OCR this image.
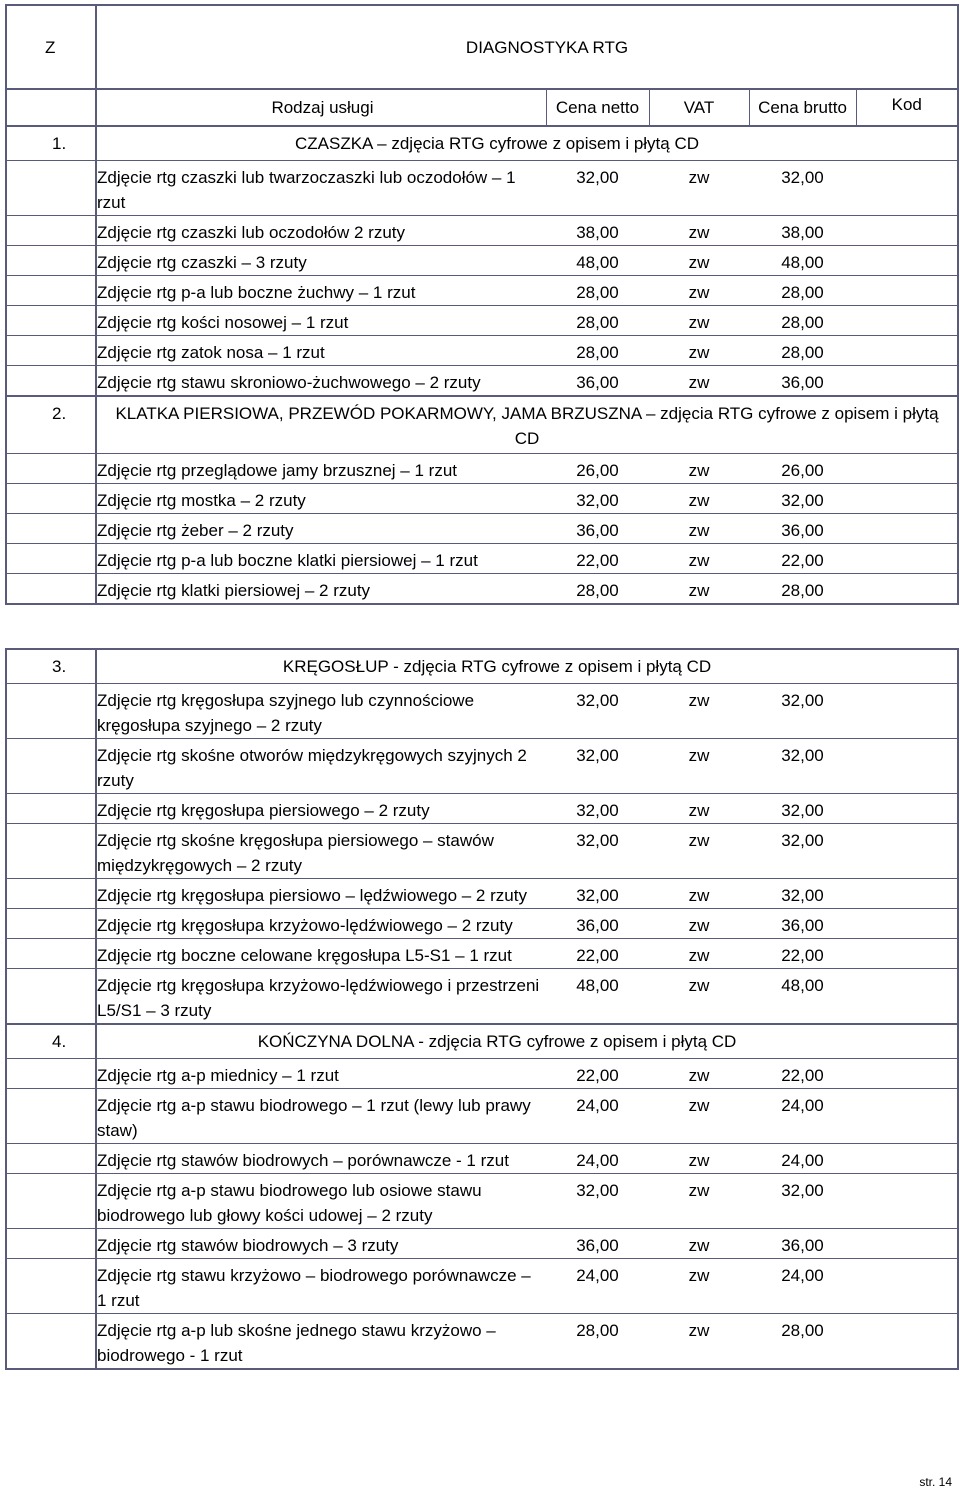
Z	DIAGNOSTYKA RTG				
	Rodzaj usługi	Cena netto	VAT	Cena brutto	Kod
1.	CZASZKA – zdjęcia RTG cyfrowe z opisem i płytą CD				
	Zdjęcie rtg czaszki lub twarzoczaszki lub oczodołów – 1 rzut	32,00	zw	32,00	
	Zdjęcie rtg czaszki lub oczodołów 2 rzuty	38,00	zw	38,00	
	Zdjęcie rtg czaszki – 3 rzuty	48,00	zw	48,00	
	Zdjęcie rtg p-a lub boczne żuchwy – 1 rzut	28,00	zw	28,00	
	Zdjęcie rtg kości nosowej – 1 rzut	28,00	zw	28,00	
	Zdjęcie rtg zatok nosa – 1 rzut	28,00	zw	28,00	
	Zdjęcie rtg stawu skroniowo-żuchwowego – 2 rzuty	36,00	zw	36,00	
2.	KLATKA PIERSIOWA, PRZEWÓD POKARMOWY, JAMA BRZUSZNA – zdjęcia RTG cyfrowe z opisem i płytą CD				
	Zdjęcie rtg przeglądowe jamy brzusznej – 1 rzut	26,00	zw	26,00	
	Zdjęcie rtg mostka – 2 rzuty	32,00	zw	32,00	
	Zdjęcie rtg żeber – 2 rzuty	36,00	zw	36,00	
	Zdjęcie rtg p-a lub boczne klatki piersiowej – 1 rzut	22,00	zw	22,00	
	Zdjęcie rtg klatki piersiowej – 2 rzuty	28,00	zw	28,00	
3.	KRĘGOSŁUP - zdjęcia RTG cyfrowe z opisem i płytą CD				
	Zdjęcie rtg kręgosłupa szyjnego lub czynnościowe kręgosłupa szyjnego – 2 rzuty	32,00	zw	32,00	
	Zdjęcie rtg skośne otworów międzykręgowych szyjnych 2 rzuty	32,00	zw	32,00	
	Zdjęcie rtg kręgosłupa piersiowego – 2 rzuty	32,00	zw	32,00	
	Zdjęcie rtg skośne kręgosłupa piersiowego – stawów międzykręgowych – 2 rzuty	32,00	zw	32,00	
	Zdjęcie rtg kręgosłupa piersiowo – lędźwiowego – 2 rzuty	32,00	zw	32,00	
	Zdjęcie rtg kręgosłupa krzyżowo-lędźwiowego – 2 rzuty	36,00	zw	36,00	
	Zdjęcie rtg boczne celowane kręgosłupa L5-S1 – 1 rzut	22,00	zw	22,00	
	Zdjęcie rtg kręgosłupa krzyżowo-lędźwiowego i przestrzeni L5/S1 – 3 rzuty	48,00	zw	48,00	
4.	KOŃCZYNA DOLNA - zdjęcia RTG cyfrowe z opisem i płytą CD				
	Zdjęcie rtg a-p miednicy – 1 rzut	22,00	zw	22,00	
	Zdjęcie rtg a-p stawu biodrowego – 1 rzut (lewy lub prawy staw)	24,00	zw	24,00	
	Zdjęcie rtg stawów biodrowych – porównawcze - 1 rzut	24,00	zw	24,00	
	Zdjęcie rtg a-p stawu biodrowego lub osiowe stawu biodrowego lub głowy kości udowej – 2 rzuty	32,00	zw	32,00	
	Zdjęcie rtg stawów biodrowych – 3 rzuty	36,00	zw	36,00	
	Zdjęcie rtg stawu krzyżowo – biodrowego porównawcze – 1 rzut	24,00	zw	24,00	
	Zdjęcie rtg a-p lub skośne jednego stawu krzyżowo – biodrowego - 1 rzut	28,00	zw	28,00	
str. 14
